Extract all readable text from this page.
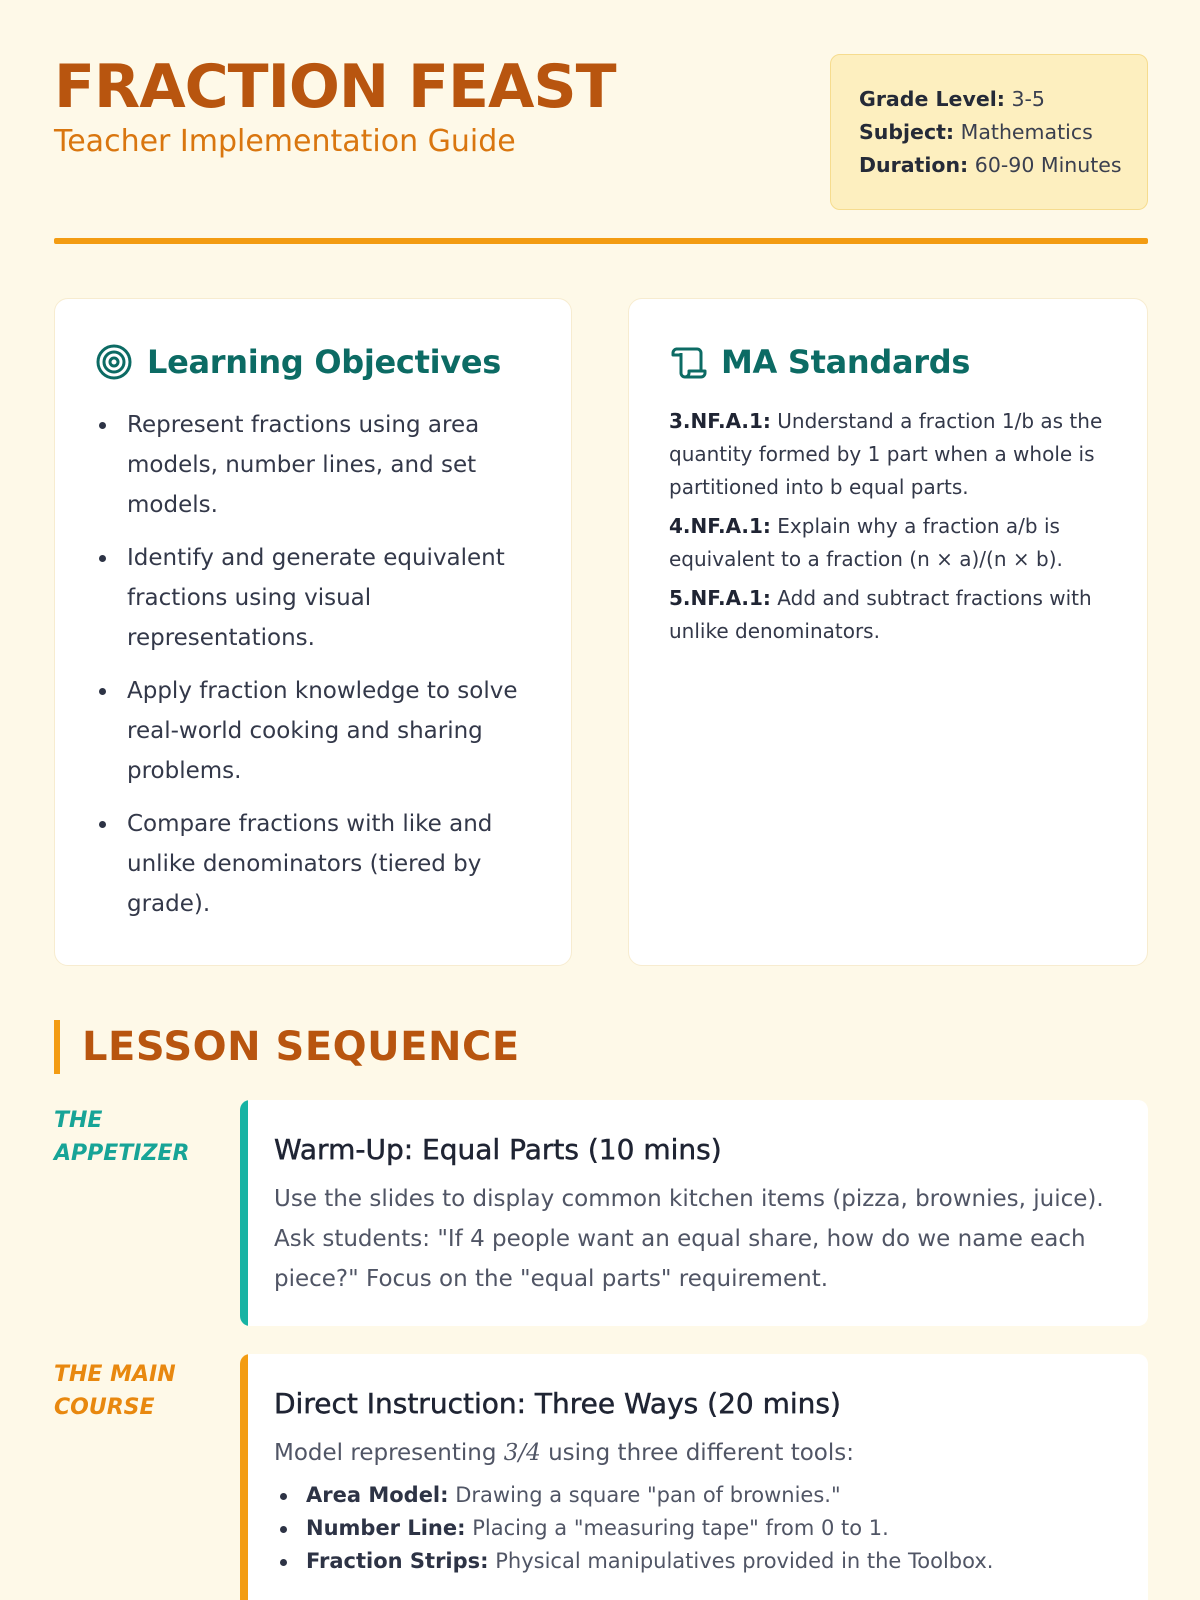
FRACTION FEAST
Teacher Implementation Guide
Grade Level: 3-5
Subject: Mathematics
Duration: 60-90 Minutes
Learning Objectives
Represent fractions using area models, number lines, and set models.
Identify and generate equivalent fractions using visual representations.
Apply fraction knowledge to solve real-world cooking and sharing problems.
Compare fractions with like and unlike denominators (tiered by grade).
MA Standards
3.NF.A.1: Understand a fraction 1/b as the quantity formed by 1 part when a whole is partitioned into b equal parts.
4.NF.A.1: Explain why a fraction a/b is equivalent to a fraction (n × a)/(n × b).
5.NF.A.1: Add and subtract fractions with unlike denominators.
LESSON SEQUENCE
THE APPETIZER	Warm-Up: Equal Parts (10 mins)

Use the slides to display common kitchen items (pizza, brownies, juice). Ask students: "If 4 people want an equal share, how do we name each piece?" Focus on the "equal parts" requirement.

THE MAIN COURSE	Direct Instruction: Three Ways (20 mins)

Model representing 3/4 using three different tools:

Area Model: Drawing a square "pan of brownies."
Number Line: Placing a "measuring tape" from 0 to 1.
Fraction Strips: Physical manipulatives provided in the Toolbox.
